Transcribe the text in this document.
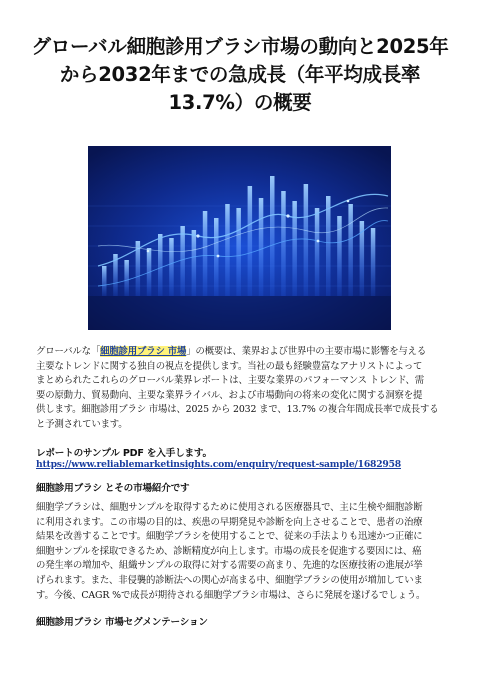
グローバル細胞診用ブラシ市場の動向と2025年
から2032年までの急成長（年平均成長率
13.7%）の概要
グローバルな「細胞診用ブラシ 市場」の概要は、業界および世界中の主要市場に影響を与える
主要なトレンドに関する独自の視点を提供します。当社の最も経験豊富なアナリストによって
まとめられたこれらのグローバル業界レポートは、主要な業界のパフォーマンス トレンド、需
要の原動力、貿易動向、主要な業界ライバル、および市場動向の将来の変化に関する洞察を提
供します。細胞診用ブラシ 市場は、2025 から 2032 まで、13.7% の複合年間成長率で成長する
と予測されています。

レポートのサンプル PDF を入手します。

https://www.reliablemarketinsights.com/enquiry/request-sample/1682958

細胞診用ブラシ とその市場紹介です

細胞学ブラシは、細胞サンプルを取得するために使用される医療器具で、主に生検や細胞診断
に利用されます。この市場の目的は、疾患の早期発見や診断を向上させることで、患者の治療
結果を改善することです。細胞学ブラシを使用することで、従来の手法よりも迅速かつ正確に
細胞サンプルを採取できるため、診断精度が向上します。市場の成長を促進する要因には、癌
の発生率の増加や、組織サンプルの取得に対する需要の高まり、先進的な医療技術の進展が挙
げられます。また、非侵襲的診断法への関心が高まる中、細胞学ブラシの使用が増加していま
す。今後、CAGR %で成長が期待される細胞学ブラシ市場は、さらに発展を遂げるでしょう。

細胞診用ブラシ 市場セグメンテーション
